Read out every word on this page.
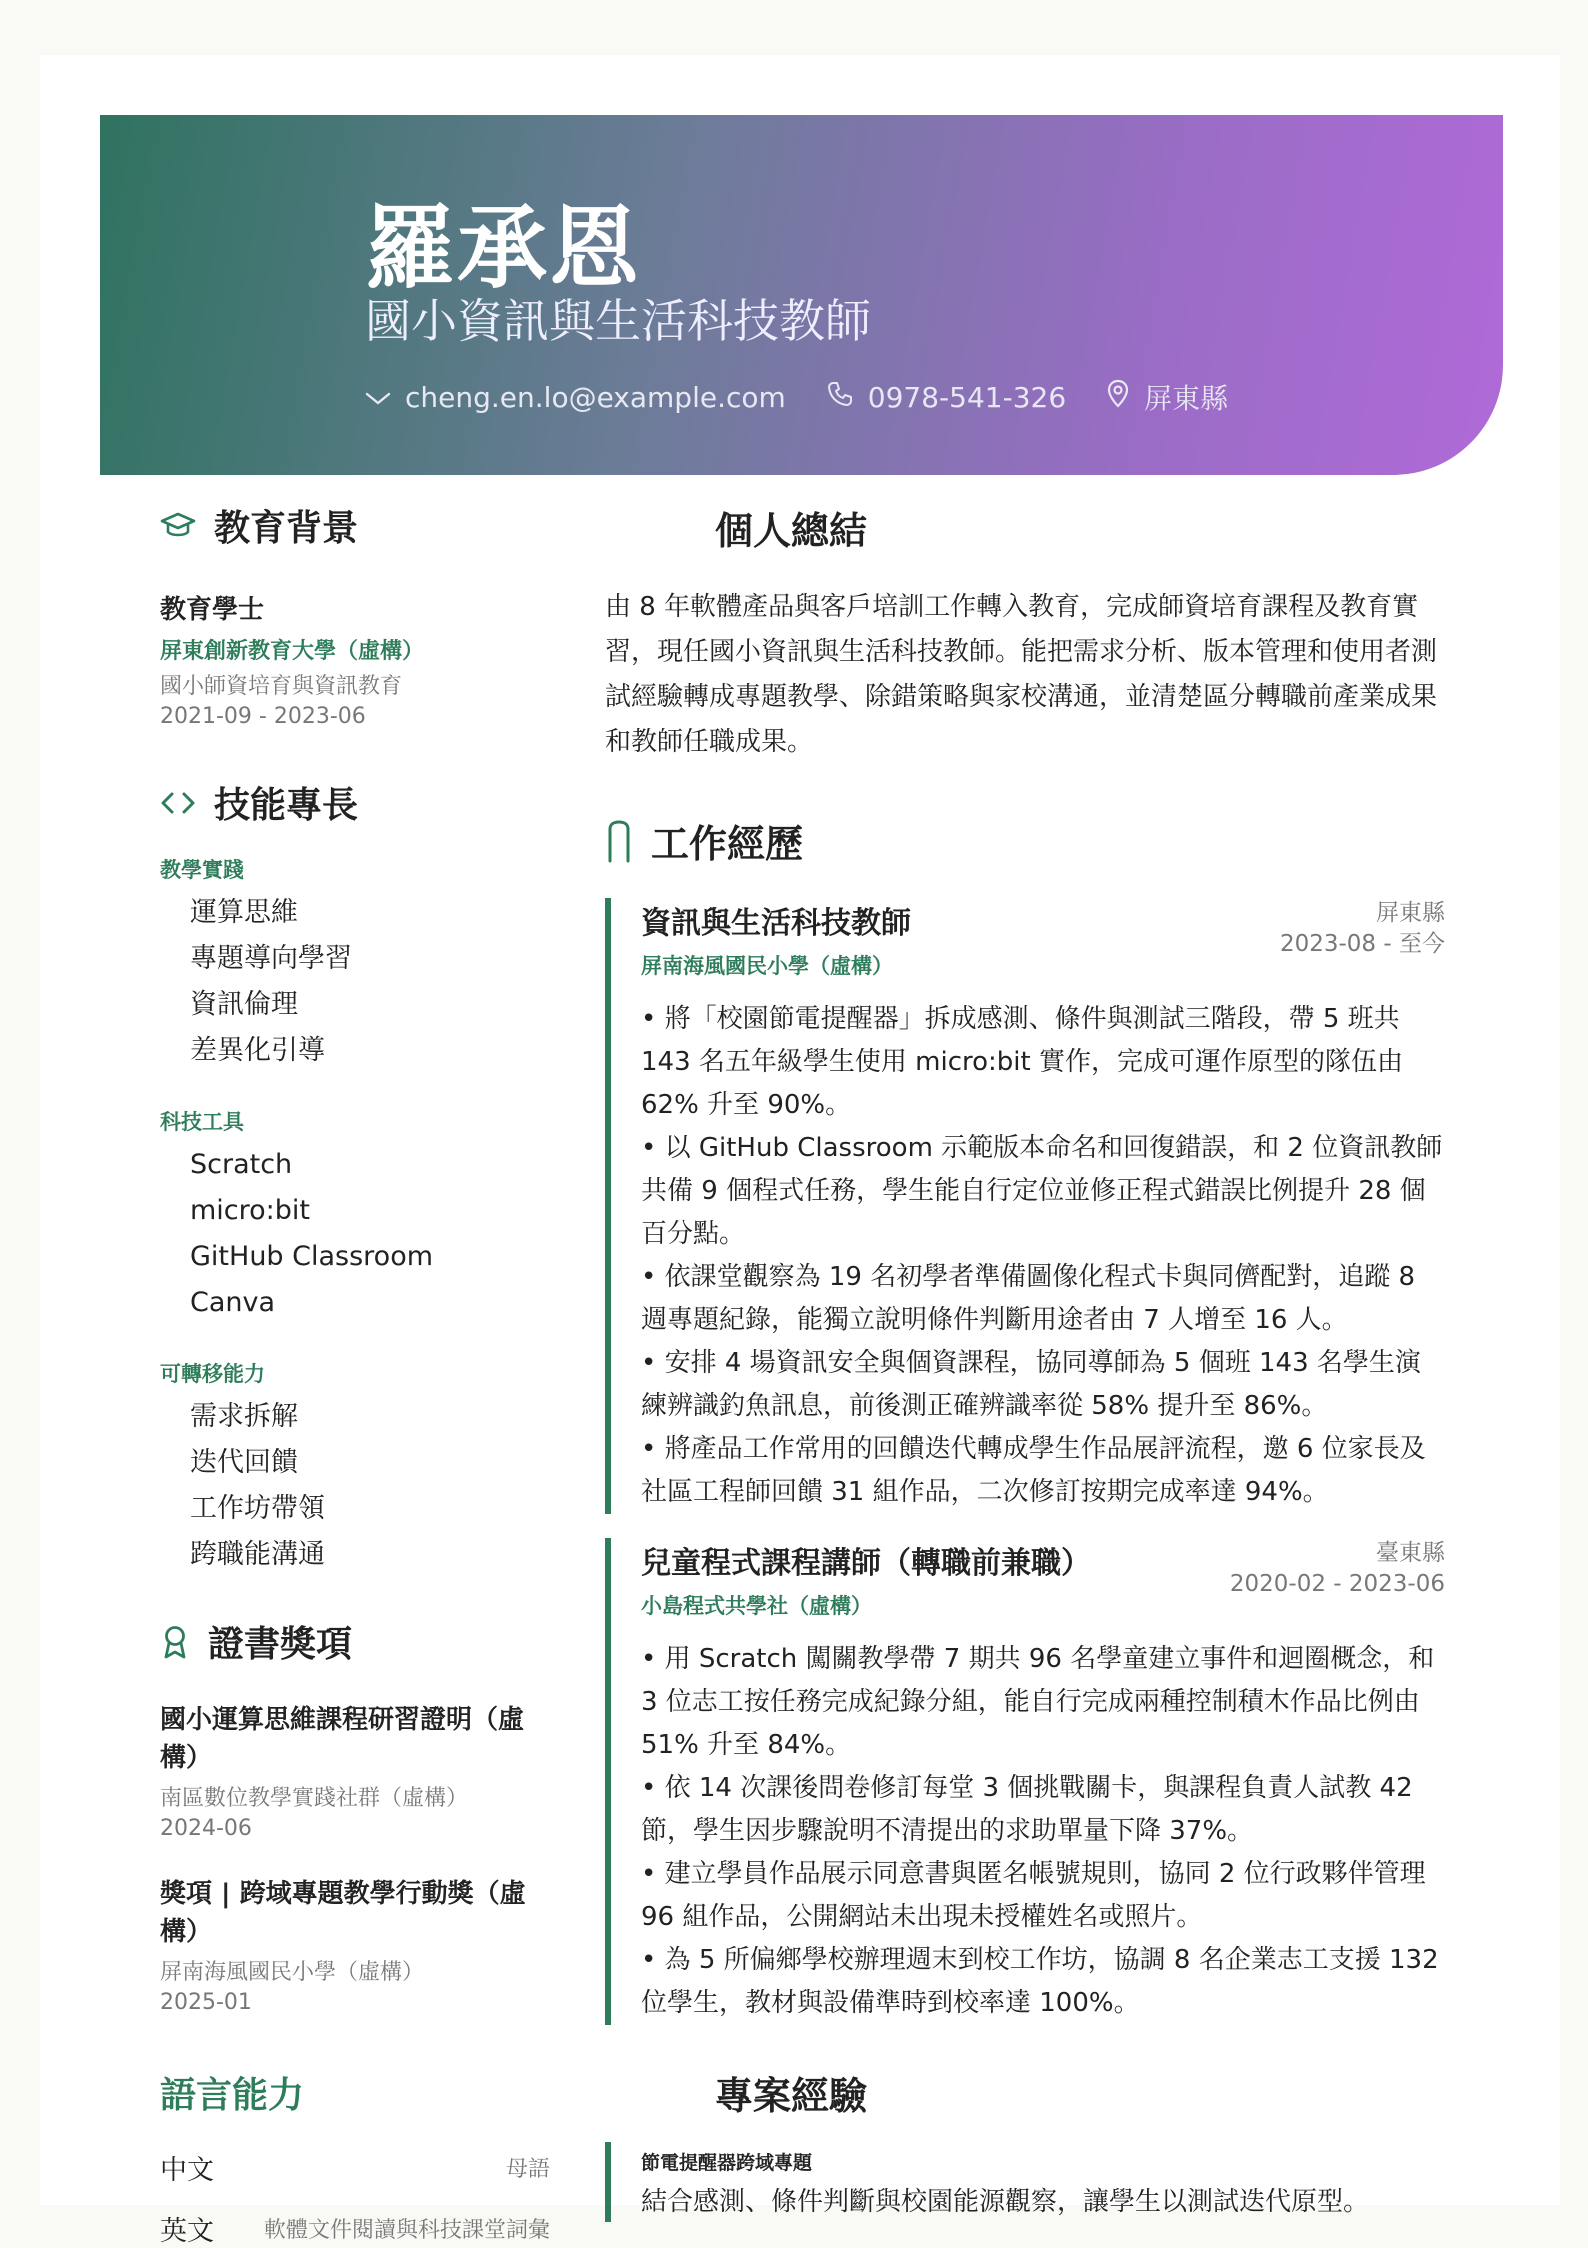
羅承恩
國小資訊與生活科技教師
cheng.en.lo@example.com	0978-541-326	屏東縣
教育背景
教育學士
屏東創新教育大學（虛構）
國小師資培育與資訊教育
2021-09 - 2023-06
技能專長
教學實踐
運算思維
專題導向學習
資訊倫理
差異化引導
科技工具
Scratch
micro:bit
GitHub Classroom
Canva
可轉移能力
需求拆解
迭代回饋
工作坊帶領
跨職能溝通
證書獎項
國小運算思維課程研習證明（虛構）
南區數位教學實踐社群（虛構）
2024-06
獎項 | 跨域專題教學行動獎（虛構）
屏南海風國民小學（虛構）
2025-01
語言能力
中文	母語
英文 軟體文件閱讀與科技課堂詞彙
個人總結
由 8 年軟體產品與客戶培訓工作轉入教育，完成師資培育課程及教育實習，現任國小資訊與生活科技教師。能把需求分析、版本管理和使用者測試經驗轉成專題教學、除錯策略與家校溝通，並清楚區分轉職前產業成果和教師任職成果。
工作經歷
資訊與生活科技教師
屏南海風國民小學（虛構）
屏東縣
2023-08 - 至今
• 將「校園節電提醒器」拆成感測、條件與測試三階段，帶 5 班共 143 名五年級學生使用 micro:bit 實作，完成可運作原型的隊伍由 62% 升至 90%。
• 以 GitHub Classroom 示範版本命名和回復錯誤，和 2 位資訊教師共備 9 個程式任務，學生能自行定位並修正程式錯誤比例提升 28 個百分點。
• 依課堂觀察為 19 名初學者準備圖像化程式卡與同儕配對，追蹤 8 週專題紀錄，能獨立說明條件判斷用途者由 7 人增至 16 人。
• 安排 4 場資訊安全與個資課程，協同導師為 5 個班 143 名學生演練辨識釣魚訊息，前後測正確辨識率從 58% 提升至 86%。
• 將產品工作常用的回饋迭代轉成學生作品展評流程，邀 6 位家長及社區工程師回饋 31 組作品，二次修訂按期完成率達 94%。
兒童程式課程講師（轉職前兼職）
小島程式共學社（虛構）
臺東縣
2020-02 - 2023-06
• 用 Scratch 闖關教學帶 7 期共 96 名學童建立事件和迴圈概念，和 3 位志工按任務完成紀錄分組，能自行完成兩種控制積木作品比例由 51% 升至 84%。
• 依 14 次課後問卷修訂每堂 3 個挑戰關卡，與課程負責人試教 42 節，學生因步驟說明不清提出的求助單量下降 37%。
• 建立學員作品展示同意書與匿名帳號規則，協同 2 位行政夥伴管理 96 組作品，公開網站未出現未授權姓名或照片。
• 為 5 所偏鄉學校辦理週末到校工作坊，協調 8 名企業志工支援 132 位學生，教材與設備準時到校率達 100%。
專案經驗
節電提醒器跨域專題
結合感測、條件判斷與校園能源觀察，讓學生以測試迭代原型。
